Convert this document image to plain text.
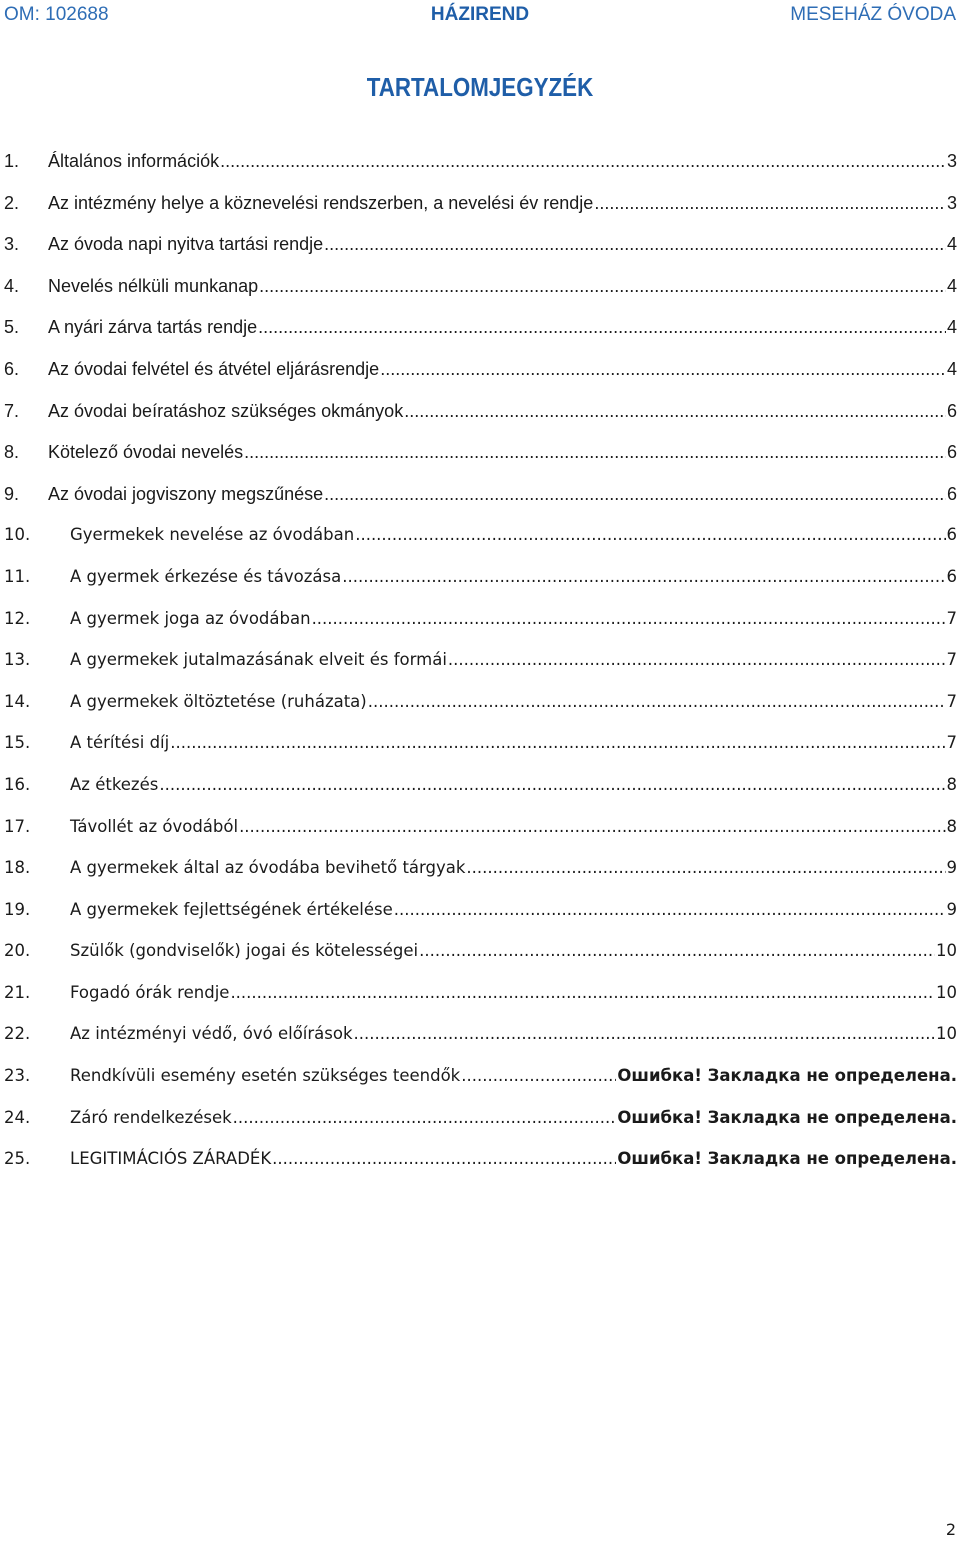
OM: 102688	HÁZIREND	MESEHÁZ ÓVODA
TARTALOMJEGYZÉK
1.	Általános információk .....	3
2.	Az intézmény helye a köznevelési rendszerben, a nevelési év rendje .....	3
3.	Az óvoda napi nyitva tartási rendje .....	4
4.	Nevelés nélküli munkanap .....	4
5.	A nyári zárva tartás rendje .....	4
6.	Az óvodai felvétel és átvétel eljárásrendje .....	4
7.	Az óvodai beíratáshoz szükséges okmányok .....	6
8.	Kötelező óvodai nevelés .....	6
9.	Az óvodai jogviszony megszűnése .....	6
10.	Gyermekek nevelése az óvodában .....	6
11.	A gyermek érkezése és távozása .....	6
12.	A gyermek joga az óvodában .....	7
13.	A gyermekek jutalmazásának elveit és formái .....	7
14.	A gyermekek öltöztetése (ruházata) .....	7
15.	A térítési díj .....	7
16.	Az étkezés .....	8
17.	Távollét az óvodából .....	8
18.	A gyermekek által az óvodába bevihető tárgyak .....	9
19.	A gyermekek fejlettségének értékelése .....	9
20.	Szülők (gondviselők) jogai és kötelességei .....	10
21.	Fogadó órák rendje .....	10
22.	Az intézményi védő, óvó előírások .....	10
23.	Rendkívüli esemény esetén szükséges teendők .....	Ошибка! Закладка не определена.
24.	Záró rendelkezések .....	Ошибка! Закладка не определена.
25.	LEGITIMÁCIÓS ZÁRADÉK .....	Ошибка! Закладка не определена.
2
